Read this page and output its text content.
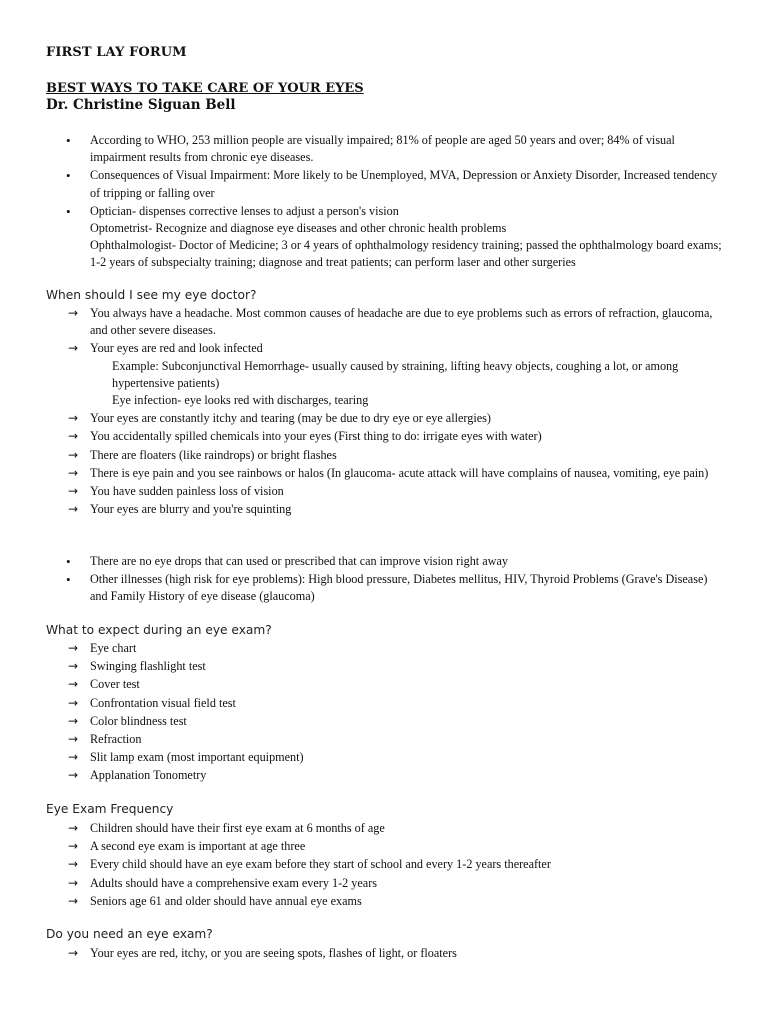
FIRST LAY FORUM
BEST WAYS TO TAKE CARE OF YOUR EYES
Dr. Christine Siguan Bell
• According to WHO, 253 million people are visually impaired; 81% of people are aged 50 years and over; 84% of visual impairment results from chronic eye diseases.
• Consequences of Visual Impairment: More likely to be Unemployed, MVA, Depression or Anxiety Disorder, Increased tendency of tripping or falling over
• Optician- dispenses corrective lenses to adjust a person's vision
Optometrist- Recognize and diagnose eye diseases and other chronic health problems
Ophthalmologist- Doctor of Medicine; 3 or 4 years of ophthalmology residency training; passed the ophthalmology board exams; 1-2 years of subspecialty training; diagnose and treat patients; can perform laser and other surgeries
When should I see my eye doctor?
→ You always have a headache. Most common causes of headache are due to eye problems such as errors of refraction, glaucoma, and other severe diseases.
→ Your eyes are red and look infected
Example: Subconjunctival Hemorrhage- usually caused by straining, lifting heavy objects, coughing a lot, or among hypertensive patients)
Eye infection- eye looks red with discharges, tearing
→ Your eyes are constantly itchy and tearing (may be due to dry eye or eye allergies)
→ You accidentally spilled chemicals into your eyes (First thing to do: irrigate eyes with water)
→ There are floaters (like raindrops) or bright flashes
→ There is eye pain and you see rainbows or halos (In glaucoma- acute attack will have complains of nausea, vomiting, eye pain)
→ You have sudden painless loss of vision
→ Your eyes are blurry and you're squinting
• There are no eye drops that can used or prescribed that can improve vision right away
• Other illnesses (high risk for eye problems): High blood pressure, Diabetes mellitus, HIV, Thyroid Problems (Grave's Disease) and Family History of eye disease (glaucoma)
What to expect during an eye exam?
→ Eye chart
→ Swinging flashlight test
→ Cover test
→ Confrontation visual field test
→ Color blindness test
→ Refraction
→ Slit lamp exam (most important equipment)
→ Applanation Tonometry
Eye Exam Frequency
→ Children should have their first eye exam at 6 months of age
→ A second eye exam is important at age three
→ Every child should have an eye exam before they start of school and every 1-2 years thereafter
→ Adults should have a comprehensive exam every 1-2 years
→ Seniors age 61 and older should have annual eye exams
Do you need an eye exam?
→ Your eyes are red, itchy, or you are seeing spots, flashes of light, or floaters
